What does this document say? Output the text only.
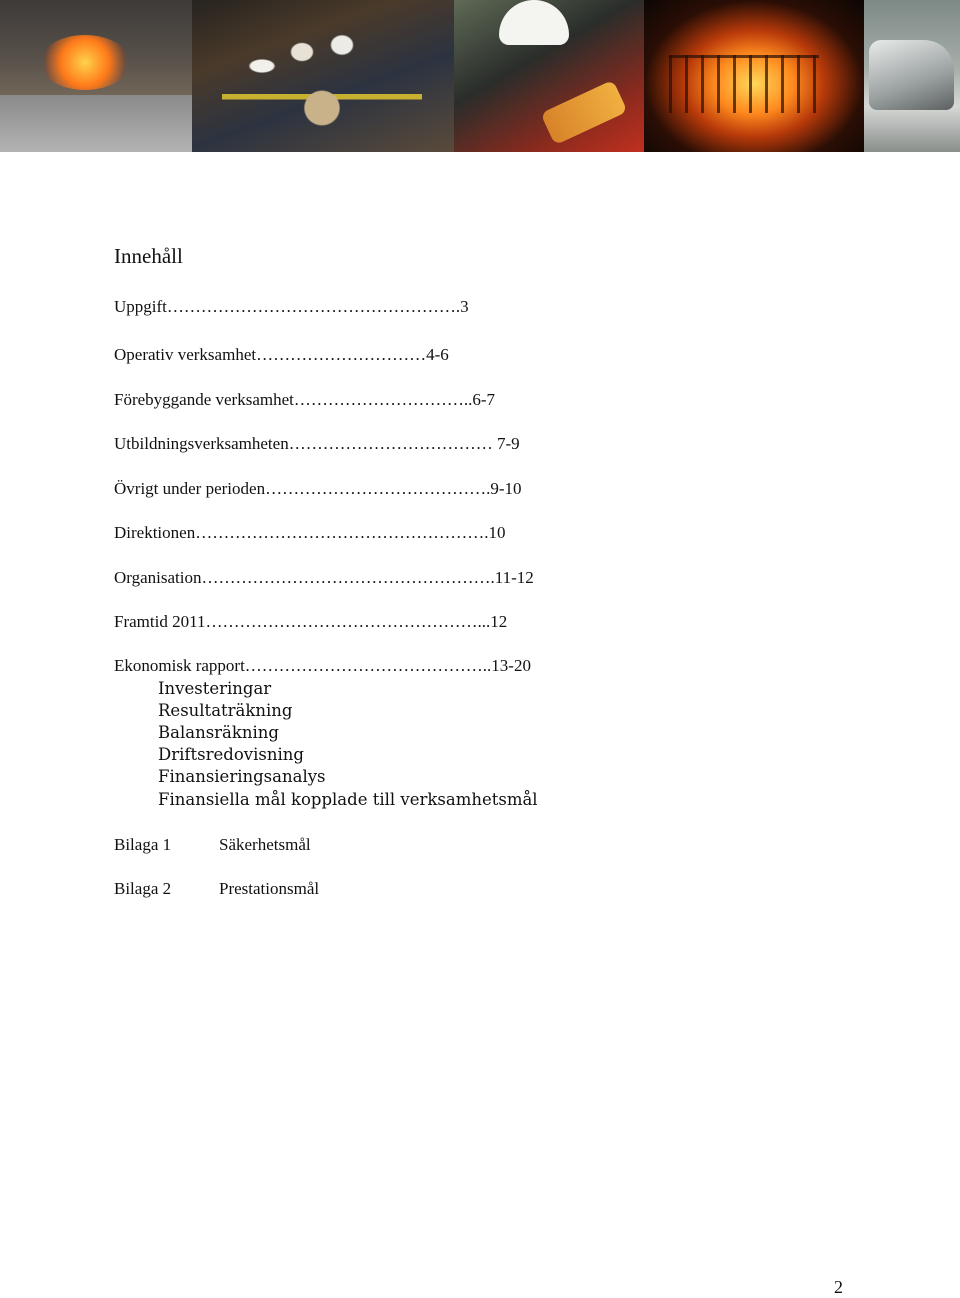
Innehåll
Uppgift…………………………………………….3
Operativ verksamhet…………………………4-6
Förebyggande verksamhet…………………………..6-7
Utbildningsverksamheten……………………………… 7-9
Övrigt under perioden………………………………….9-10
Direktionen…………………………………………….10
Organisation…………………………………………….11-12
Framtid 2011…………………………………………...12
Ekonomisk rapport……………………………………..13-20
Investeringar
Resultaträkning
Balansräkning
Driftsredovisning
Finansieringsanalys
Finansiella mål kopplade till verksamhetsmål
Bilaga 1	Säkerhetsmål
Bilaga 2	Prestationsmål
2
